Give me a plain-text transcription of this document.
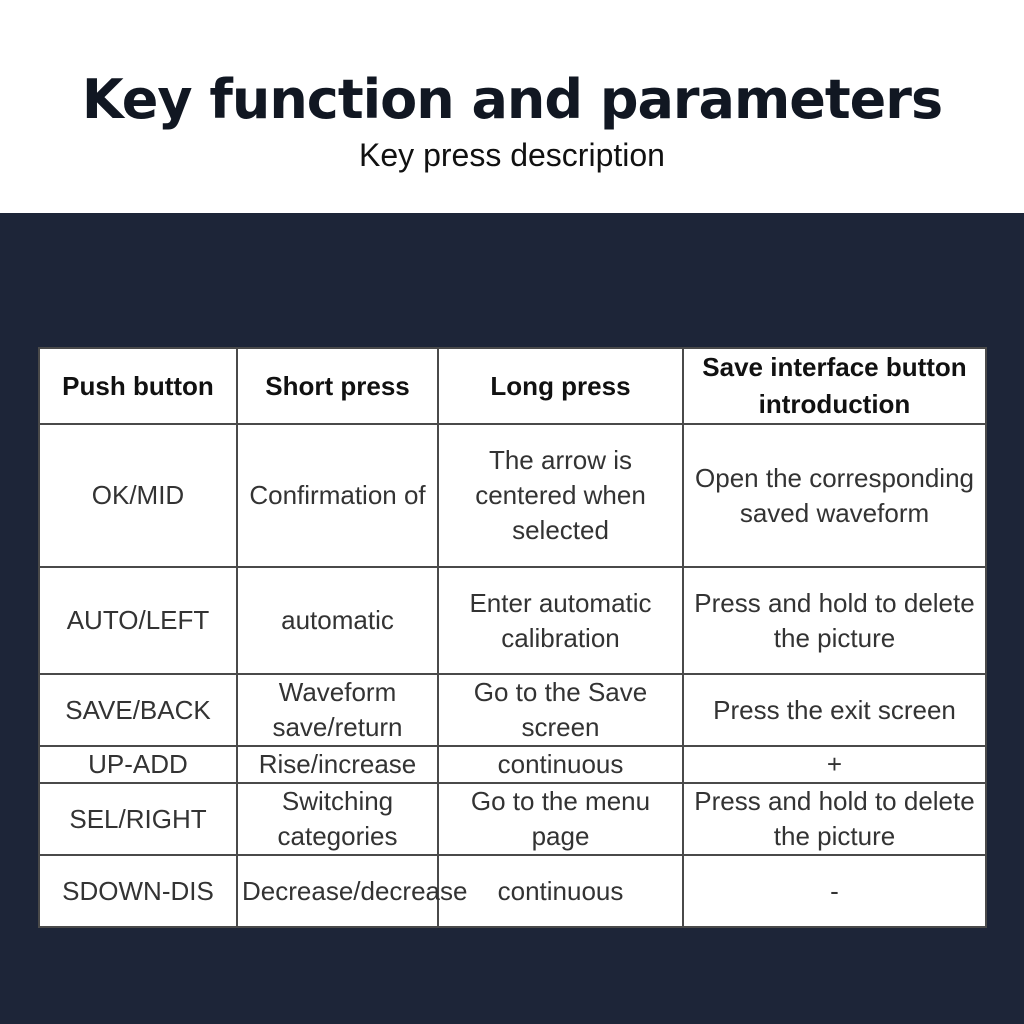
Key function and parameters
Key press description
Push button	Short press	Long press	Save interface button introduction
OK/MID	Confirmation of	The arrow is centered when selected	Open the corresponding saved waveform
AUTO/LEFT	automatic	Enter automatic calibration	Press and hold to delete the picture
SAVE/BACK	Waveform save/return	Go to the Save screen	Press the exit screen
UP-ADD	Rise/increase	continuous	+
SEL/RIGHT	Switching categories	Go to the menu page	Press and hold to delete the picture
SDOWN-DIS	Decrease/decrease	continuous	-
